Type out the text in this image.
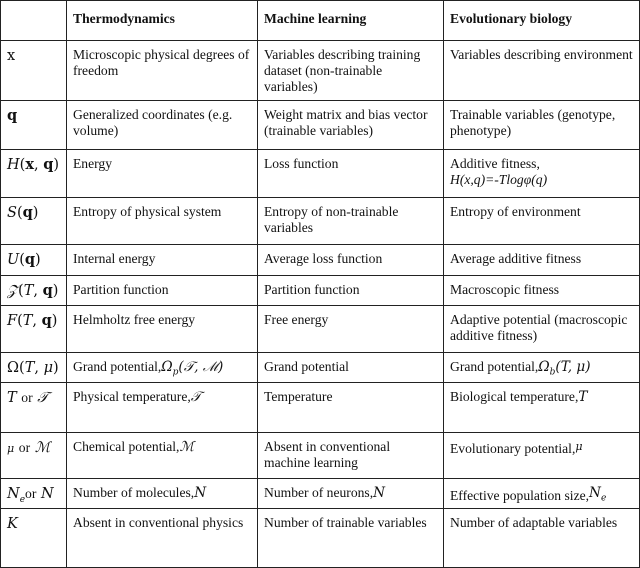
	Thermodynamics	Machine learning	Evolutionary biology
x	Microscopic physical degrees of freedom	Variables describing training dataset (non-trainable variables)	Variables describing environment
q	Generalized coordinates (e.g. volume)	Weight matrix and bias vector (trainable variables)	Trainable variables (genotype, phenotype)
H(x, q)	Energy	Loss function	Additive fitness,
H(x,q)=-Tlogφ(q)
S(q)	Entropy of physical system	Entropy of non-trainable variables	Entropy of environment
U(q)	Internal energy	Average loss function	Average additive fitness
𝒵(T, q)	Partition function	Partition function	Macroscopic fitness
F(T, q)	Helmholtz free energy	Free energy	Adaptive potential (macroscopic additive fitness)
Ω(T, μ)	Grand $potential,\Omega_p(𝒯$, ℳ)	Grand potential	Grand $potential,\Omega_b(T$, μ)
T or 𝒯	Physical temperature,𝒯	Temperature	Biological temperature,T
μ or ℳ	Chemical potential,ℳ	Absent in conventional machine learning	Evolutionary potential,$^\mu$
$N_eor$ N	Number of molecules,N	Number of neurons,N	Effective population $size,N_e$
K	Absent in conventional physics	Number of trainable variables	Number of adaptable variables
